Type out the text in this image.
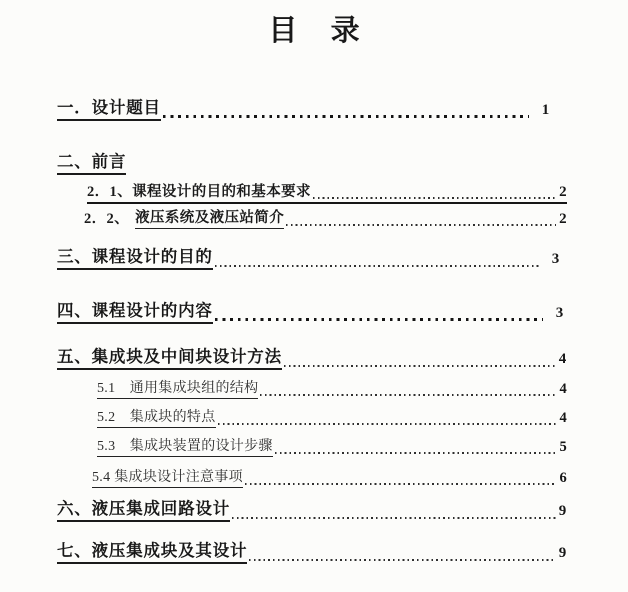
目 录
一．设计题目	1
二、前言
2．1、课程设计的目的和基本要求	2
2．2、 液压系统及液压站简介	2
三、课程设计的目的	3
四、课程设计的内容	3
五、集成块及中间块设计方法	4
5.1　通用集成块组的结构	4
5.2　集成块的特点	4
5.3　集成块装置的设计步骤	5
5.4 集成块设计注意事项	6
六、液压集成回路设计	9
七、液压集成块及其设计	9
